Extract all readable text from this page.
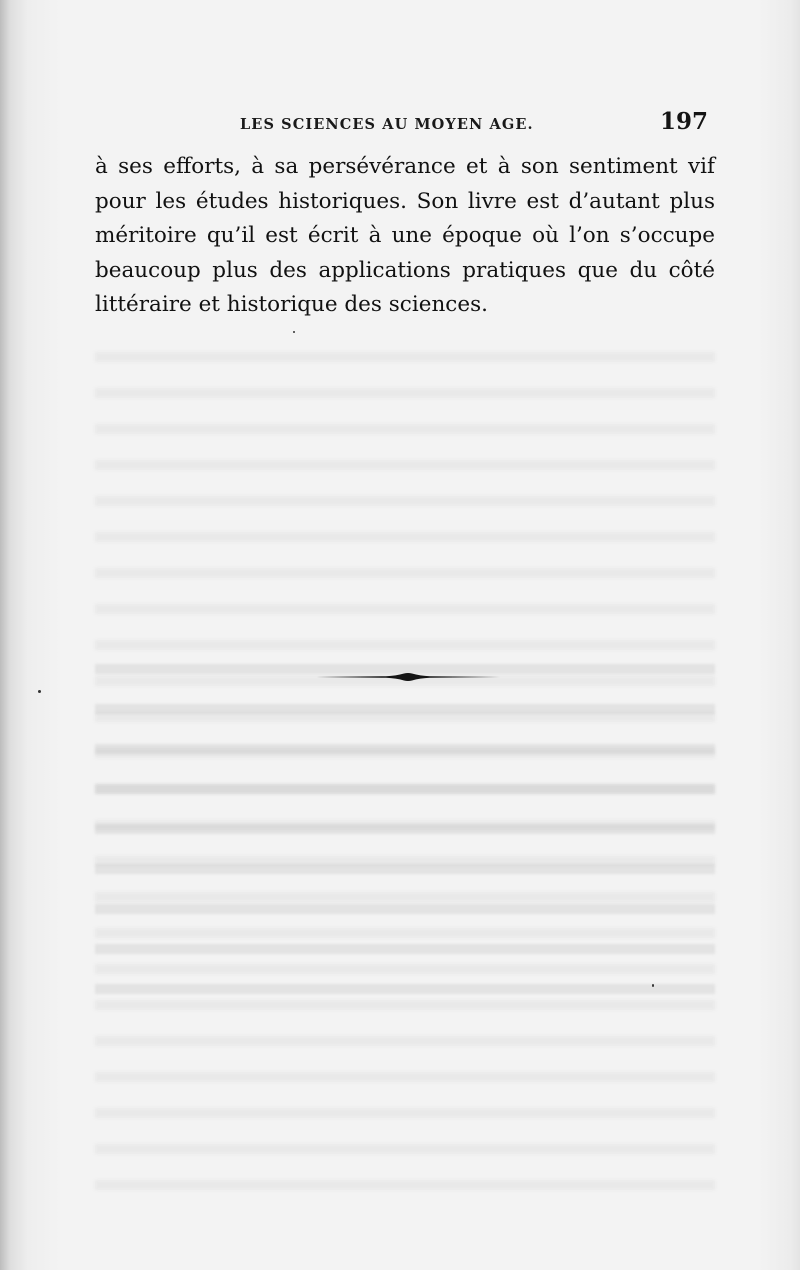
LES SCIENCES AU MOYEN AGE.	197
à ses efforts, à sa persévérance et à son sentiment vif
pour les études historiques. Son livre est d’autant plus
méritoire qu’il est écrit à une époque où l’on s’occupe
beaucoup plus des applications pratiques que du côté
littéraire et historique des sciences.
